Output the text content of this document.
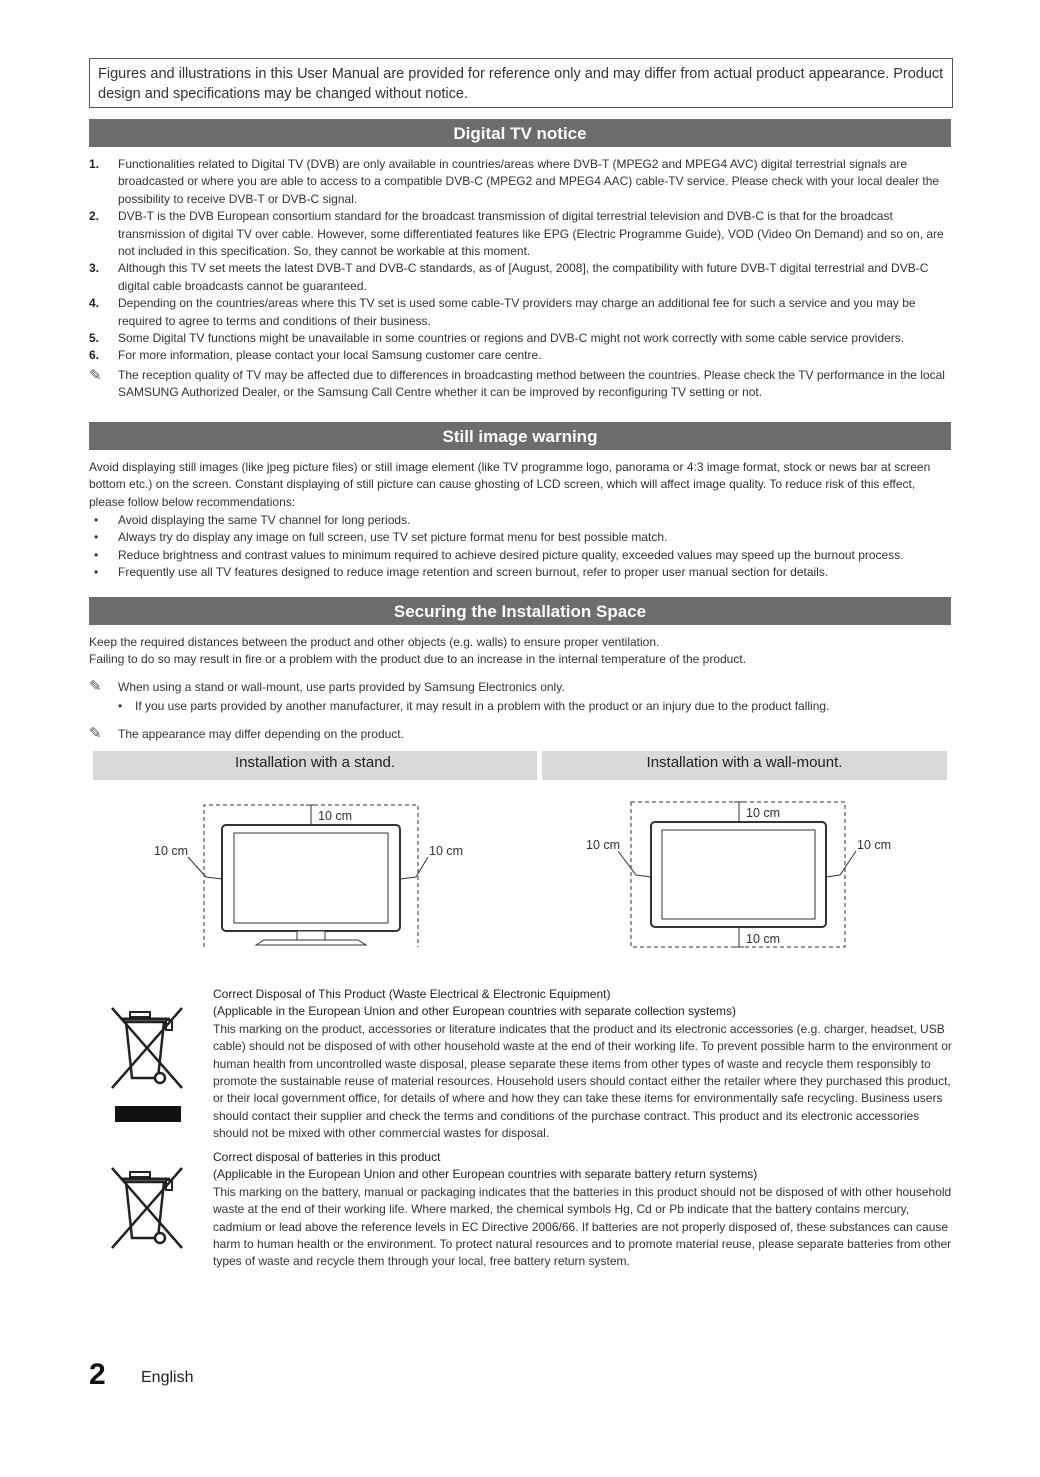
Figures and illustrations in this User Manual are provided for reference only and may differ from actual product appearance. Product design and specifications may be changed without notice.
Digital TV notice
1. Functionalities related to Digital TV (DVB) are only available in countries/areas where DVB-T (MPEG2 and MPEG4 AVC) digital terrestrial signals are broadcasted or where you are able to access to a compatible DVB-C (MPEG2 and MPEG4 AAC) cable-TV service. Please check with your local dealer the possibility to receive DVB-T or DVB-C signal.
2. DVB-T is the DVB European consortium standard for the broadcast transmission of digital terrestrial television and DVB-C is that for the broadcast transmission of digital TV over cable. However, some differentiated features like EPG (Electric Programme Guide), VOD (Video On Demand) and so on, are not included in this specification. So, they cannot be workable at this moment.
3. Although this TV set meets the latest DVB-T and DVB-C standards, as of [August, 2008], the compatibility with future DVB-T digital terrestrial and DVB-C digital cable broadcasts cannot be guaranteed.
4. Depending on the countries/areas where this TV set is used some cable-TV providers may charge an additional fee for such a service and you may be required to agree to terms and conditions of their business.
5. Some Digital TV functions might be unavailable in some countries or regions and DVB-C might not work correctly with some cable service providers.
6. For more information, please contact your local Samsung customer care centre.
✎ The reception quality of TV may be affected due to differences in broadcasting method between the countries. Please check the TV performance in the local SAMSUNG Authorized Dealer, or the Samsung Call Centre whether it can be improved by reconfiguring TV setting or not.
Still image warning

Avoid displaying still images (like jpeg picture files) or still image element (like TV programme logo, panorama or 4:3 image format, stock or news bar at screen bottom etc.) on the screen. Constant displaying of still picture can cause ghosting of LCD screen, which will affect image quality. To reduce risk of this effect, please follow below recommendations:

• Avoid displaying the same TV channel for long periods.
• Always try do display any image on full screen, use TV set picture format menu for best possible match.
• Reduce brightness and contrast values to minimum required to achieve desired picture quality, exceeded values may speed up the burnout process.
• Frequently use all TV features designed to reduce image retention and screen burnout, refer to proper user manual section for details.
Securing the Installation Space

Keep the required distances between the product and other objects (e.g. walls) to ensure proper ventilation.

Failing to do so may result in fire or a problem with the product due to an increase in the internal temperature of the product.

✎ When using a stand or wall-mount, use parts provided by Samsung Electronics only.
• If you use parts provided by another manufacturer, it may result in a problem with the product or an injury due to the product falling.
✎ The appearance may differ depending on the product.
Installation with a stand.	Installation with a wall-mount.
10 cm
10 cm	10 cm
10 cm
10 cm
10 cm	10 cm
Correct Disposal of This Product (Waste Electrical & Electronic Equipment)
(Applicable in the European Union and other European countries with separate collection systems)

This marking on the product, accessories or literature indicates that the product and its electronic accessories (e.g. charger, headset, USB cable) should not be disposed of with other household waste at the end of their working life. To prevent possible harm to the environment or human health from uncontrolled waste disposal, please separate these items from other types of waste and recycle them responsibly to promote the sustainable reuse of material resources. Household users should contact either the retailer where they purchased this product, or their local government office, for details of where and how they can take these items for environmentally safe recycling. Business users should contact their supplier and check the terms and conditions of the purchase contract. This product and its electronic accessories should not be mixed with other commercial wastes for disposal.

Correct disposal of batteries in this product
(Applicable in the European Union and other European countries with separate battery return systems)

This marking on the battery, manual or packaging indicates that the batteries in this product should not be disposed of with other household waste at the end of their working life. Where marked, the chemical symbols Hg, Cd or Pb indicate that the battery contains mercury, cadmium or lead above the reference levels in EC Directive 2006/66. If batteries are not properly disposed of, these substances can cause harm to human health or the environment. To protect natural resources and to promote material reuse, please separate batteries from other types of waste and recycle them through your local, free battery return system.

2 English
